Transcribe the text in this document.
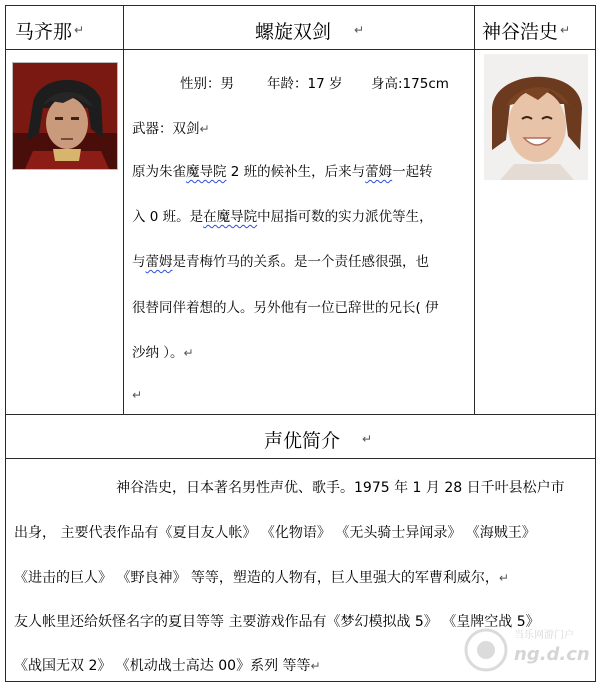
马齐那 ↵	螺旋双剑 ↵	神谷浩史 ↵
性别：男 年龄：17 岁 身高:175cm
武器：双剑↵
原为朱雀魔导院 2 班的候补生，后来与蕾姆一起转
入 0 班。是在魔导院中屈指可数的实力派优等生，
与蕾姆是青梅竹马的关系。是一个责任感很强，也
很替同伴着想的人。另外他有一位已辞世的兄长( 伊
沙纳 ）。↵
↵
声优简介 ↵
神谷浩史，日本著名男性声优、歌手。1975 年 1 月 28 日千叶县松户市
出身， 主要代表作品有《夏目友人帐》 《化物语》 《无头骑士异闻录》 《海贼王》
《进击的巨人》 《野良神》 等等，塑造的人物有，巨人里强大的军曹利威尔，↵
友人帐里还给妖怪名字的夏目等等 主要游戏作品有《梦幻模拟战 5》 《皇牌空战 5》
《战国无双 2》 《机动战士高达 00》系列 等等↵
当乐网游门户
ng.d.cn
